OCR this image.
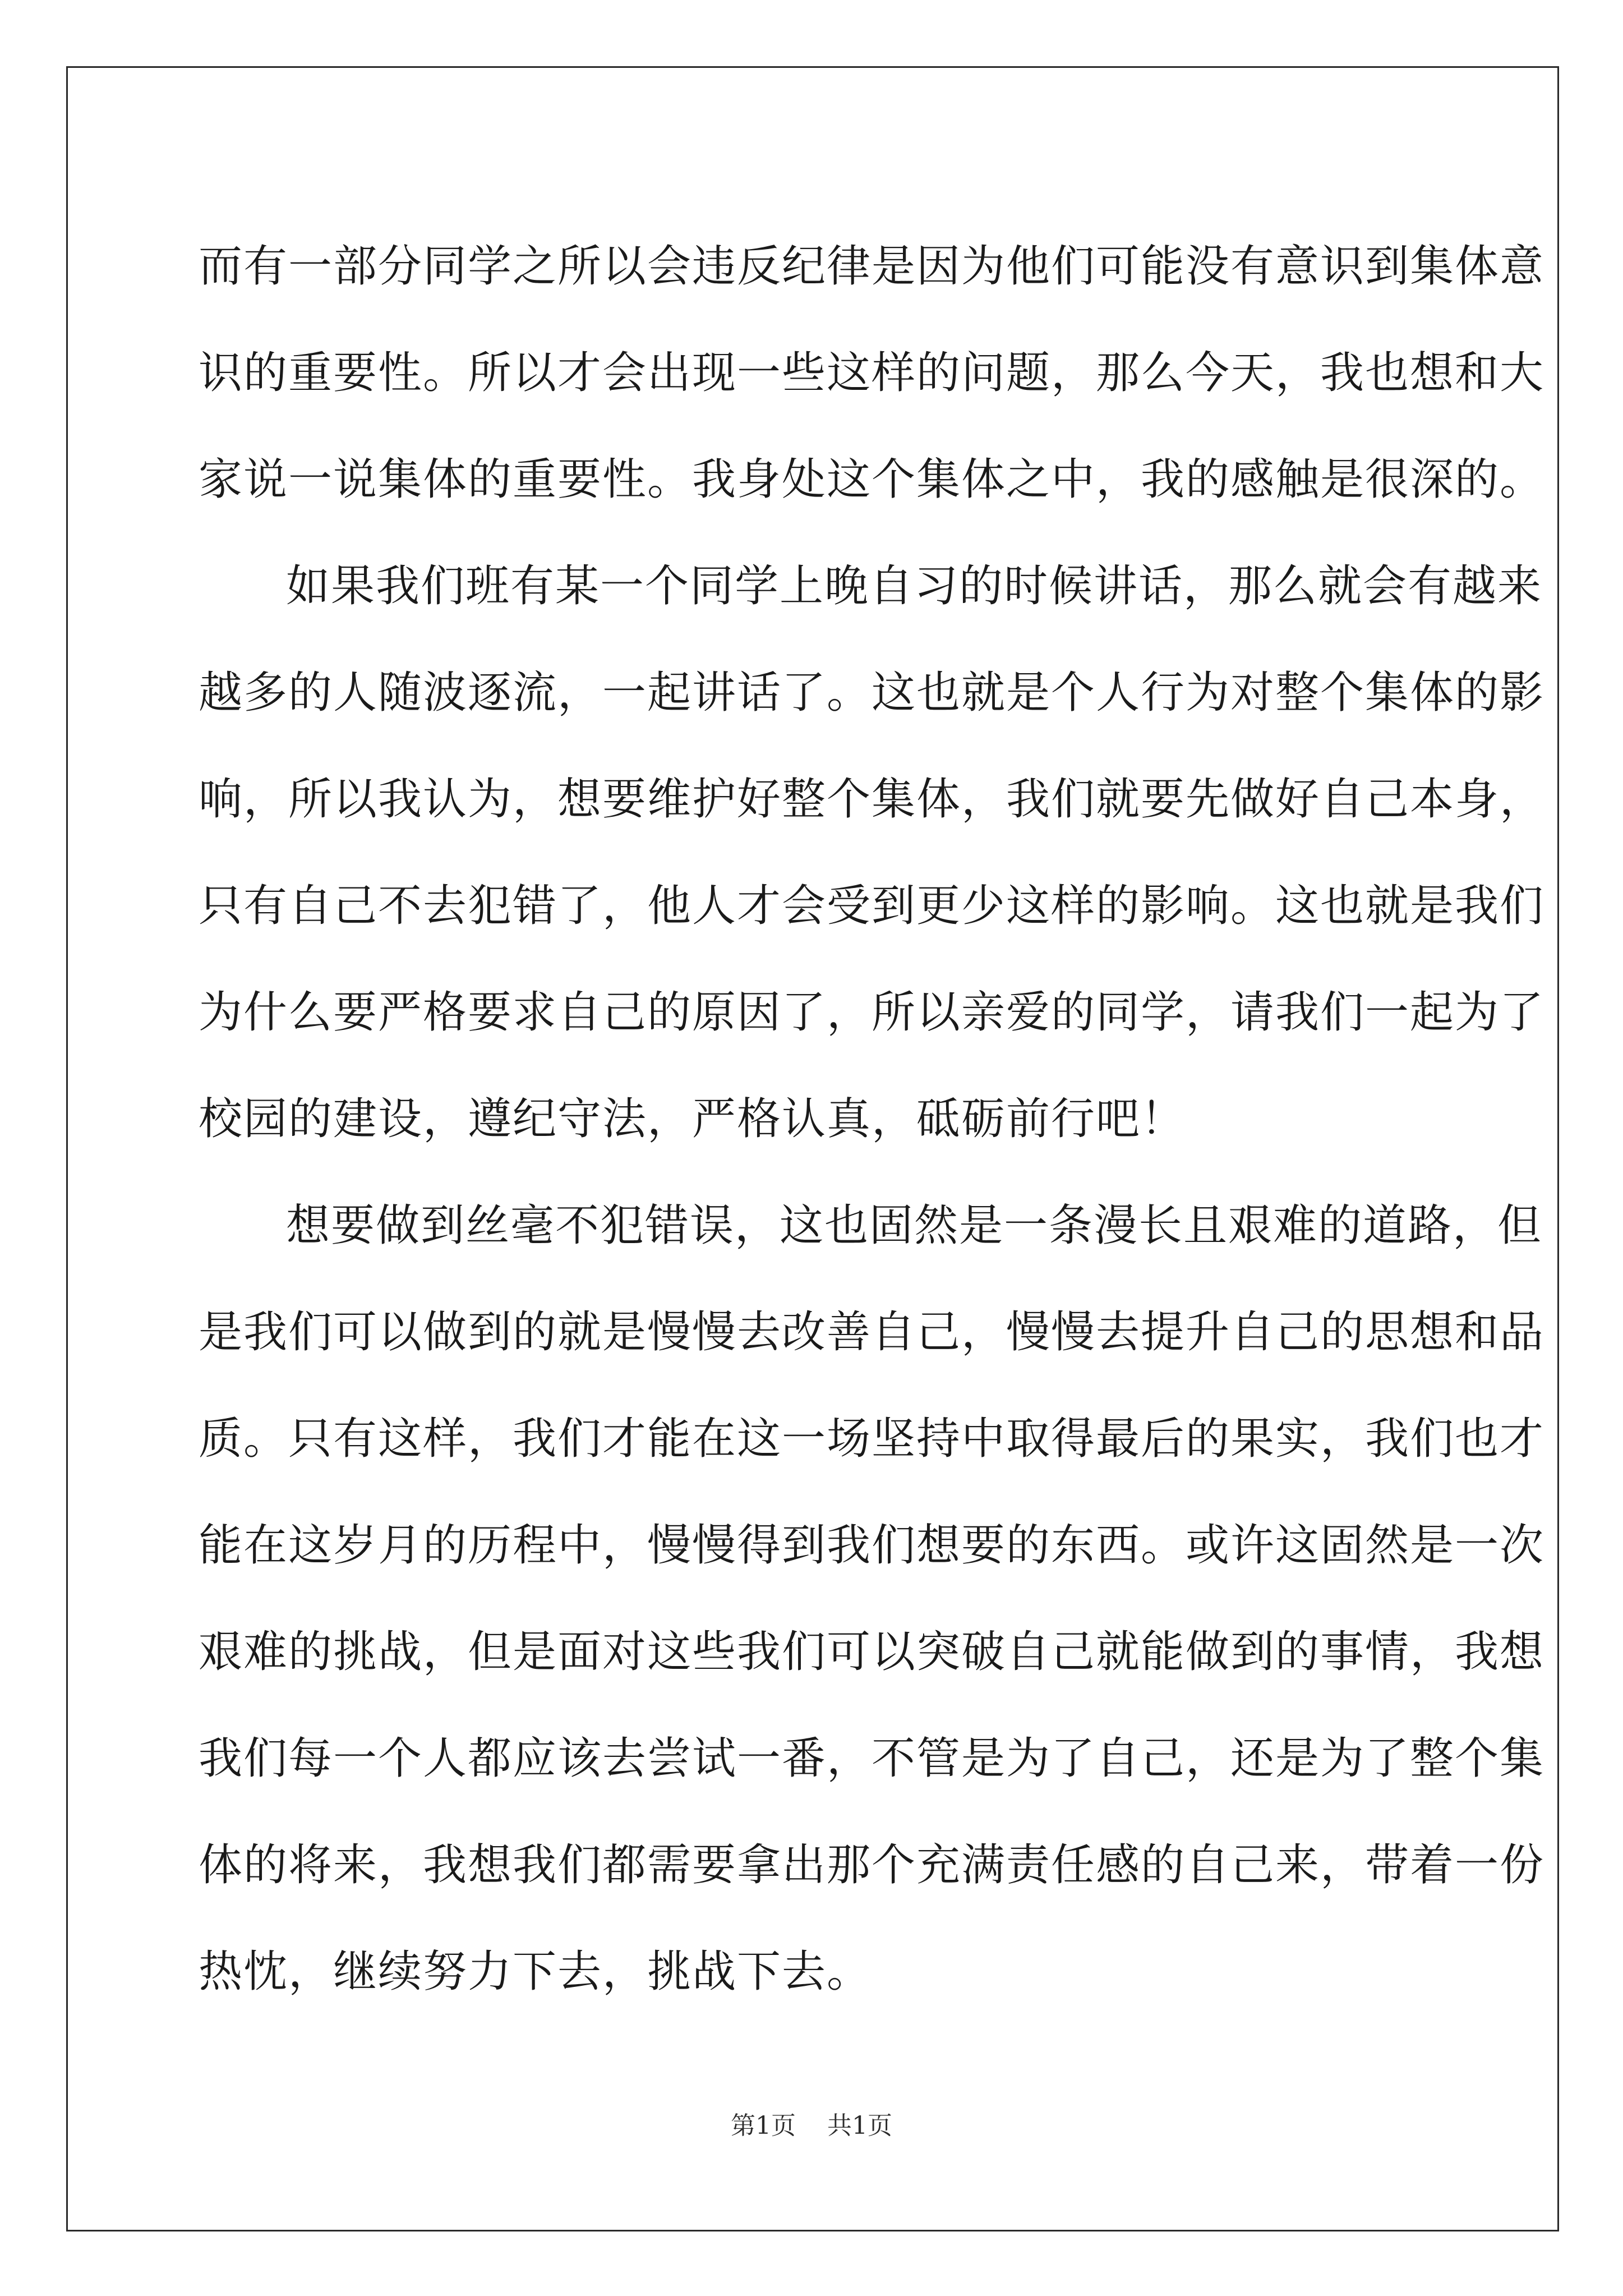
而有一部分同学之所以会违反纪律是因为他们可能没有意识到集体意
识的重要性。所以才会出现一些这样的问题，那么今天，我也想和大
家说一说集体的重要性。我身处这个集体之中，我的感触是很深的。
如果我们班有某一个同学上晚自习的时候讲话，那么就会有越来
越多的人随波逐流，一起讲话了。这也就是个人行为对整个集体的影
响，所以我认为，想要维护好整个集体，我们就要先做好自己本身，
只有自己不去犯错了，他人才会受到更少这样的影响。这也就是我们
为什么要严格要求自己的原因了，所以亲爱的同学，请我们一起为了
校园的建设，遵纪守法，严格认真，砥砺前行吧！
想要做到丝毫不犯错误，这也固然是一条漫长且艰难的道路，但
是我们可以做到的就是慢慢去改善自己，慢慢去提升自己的思想和品
质。只有这样，我们才能在这一场坚持中取得最后的果实，我们也才
能在这岁月的历程中，慢慢得到我们想要的东西。或许这固然是一次
艰难的挑战，但是面对这些我们可以突破自己就能做到的事情，我想
我们每一个人都应该去尝试一番，不管是为了自己，还是为了整个集
体的将来，我想我们都需要拿出那个充满责任感的自己来，带着一份
热忱，继续努力下去，挑战下去。
第1页 共1页
